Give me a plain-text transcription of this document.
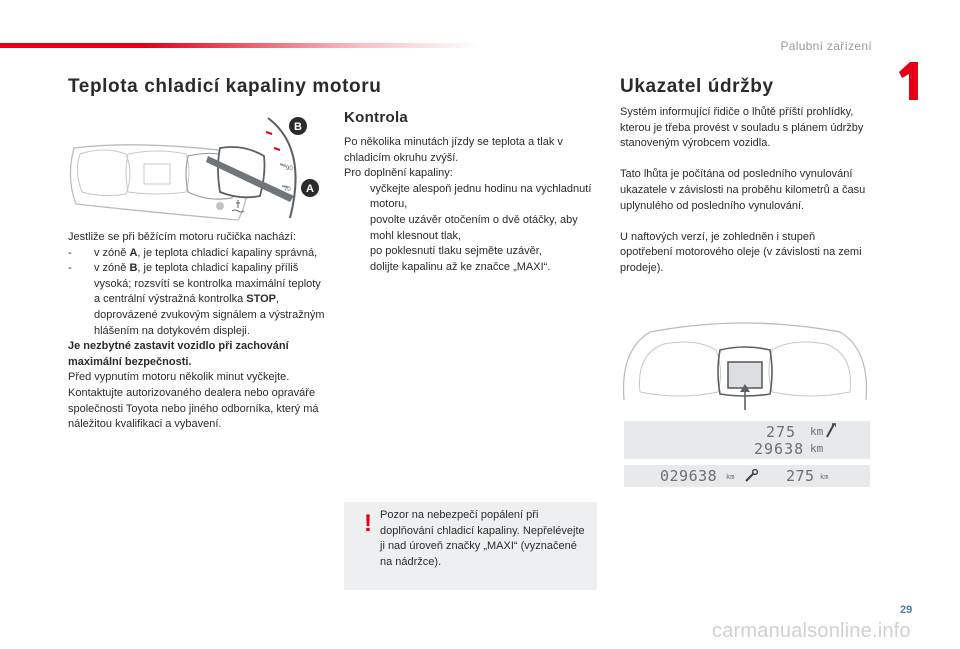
Palubní zařízení
Teplota chladicí kapaliny motoru
90
70
B
A
Jestliže se při běžícím motoru ručička nachází:
- v zóně A, je teplota chladicí kapaliny správná,
- v zóně B, je teplota chladicí kapaliny příliš vysoká; rozsvítí se kontrolka maximální teploty a centrální výstražná kontrolka STOP, doprovázené zvukovým signálem a výstražným hlášením na dotykovém displeji.
Je nezbytné zastavit vozidlo při zachování maximální bezpečnosti.
Před vypnutím motoru několik minut vyčkejte. Kontaktujte autorizovaného dealera nebo opraváře společnosti Toyota nebo jiného odborníka, který má náležitou kvalifikaci a vybavení.
Kontrola
Po několika minutách jízdy se teplota a tlak v chladicím okruhu zvýší.
Pro doplnění kapaliny:
vyčkejte alespoň jednu hodinu na vychladnutí motoru,
povolte uzávěr otočením o dvě otáčky, aby mohl klesnout tlak,
po poklesnutí tlaku sejměte uzávěr,
dolijte kapalinu až ke značce „MAXI“.
! Pozor na nebezpečí popálení při doplňování chladicí kapaliny. Nepřelévejte ji nad úroveň značky „MAXI“ (vyznačené na nádržce).
Ukazatel údržby
Systém informující řidiče o lhůtě příští prohlídky, kterou je třeba provést v souladu s plánem údržby stanoveným výrobcem vozidla.
Tato lhůta je počítána od posledního vynulování ukazatele v závislosti na proběhu kilometrů a času uplynulého od posledního vynulování.
U naftových verzí, je zohledněn i stupeň opotřebení motorového oleje (v závislosti na zemi prodeje).
275 km
29638 km
029638 km	275 km
29
carmanualsonline.info
